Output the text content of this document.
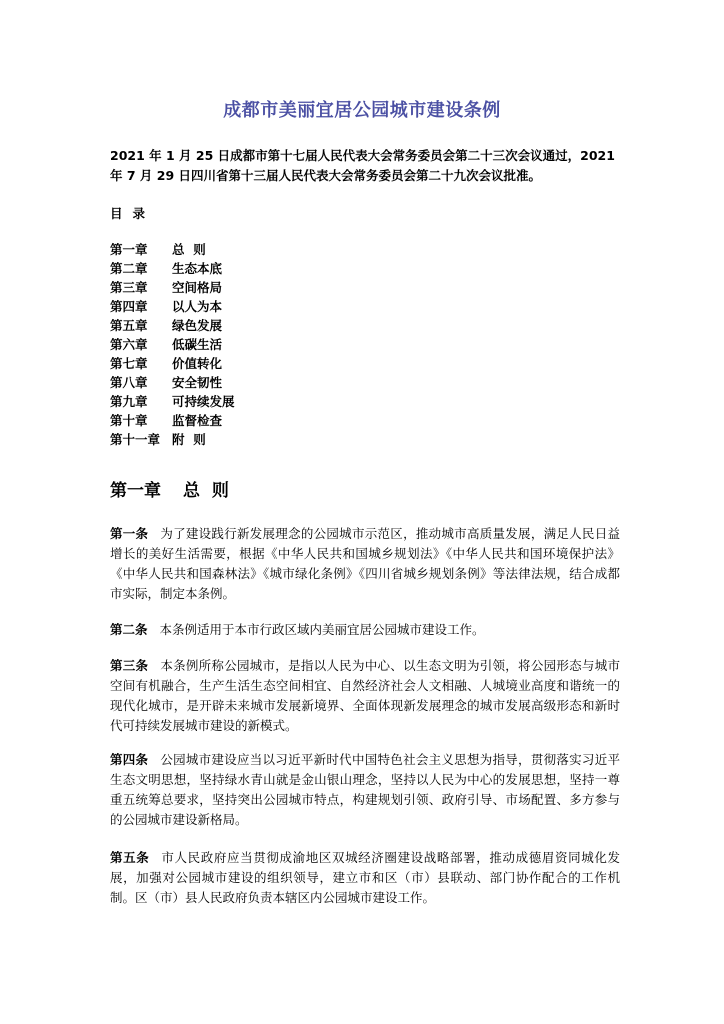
成都市美丽宜居公园城市建设条例
2021 年 1 月 25 日成都市第十七届人民代表大会常务委员会第二十三次会议通过，2021 年 7 月 29 日四川省第十三届人民代表大会常务委员会第二十九次会议批准。
目录
第一章 总  则
第二章 生态本底
第三章 空间格局
第四章 以人为本
第五章 绿色发展
第六章 低碳生活
第七章 价值转化
第八章 安全韧性
第九章 可持续发展
第十章 监督检查
第十一章 附  则
第一章 总  则

第一条 为了建设践行新发展理念的公园城市示范区，推动城市高质量发展，满足人民日益增长的美好生活需要，根据《中华人民共和国城乡规划法》《中华人民共和国环境保护法》《中华人民共和国森林法》《城市绿化条例》《四川省城乡规划条例》等法律法规，结合成都市实际，制定本条例。

第二条 本条例适用于本市行政区域内美丽宜居公园城市建设工作。

第三条 本条例所称公园城市，是指以人民为中心、以生态文明为引领，将公园形态与城市空间有机融合，生产生活生态空间相宜、自然经济社会人文相融、人城境业高度和谐统一的现代化城市，是开辟未来城市发展新境界、全面体现新发展理念的城市发展高级形态和新时代可持续发展城市建设的新模式。

第四条 公园城市建设应当以习近平新时代中国特色社会主义思想为指导，贯彻落实习近平生态文明思想，坚持绿水青山就是金山银山理念，坚持以人民为中心的发展思想，坚持一尊重五统筹总要求，坚持突出公园城市特点，构建规划引领、政府引导、市场配置、多方参与的公园城市建设新格局。

第五条 市人民政府应当贯彻成渝地区双城经济圈建设战略部署，推动成德眉资同城化发展，加强对公园城市建设的组织领导，建立市和区（市）县联动、部门协作配合的工作机制。区（市）县人民政府负责本辖区内公园城市建设工作。
